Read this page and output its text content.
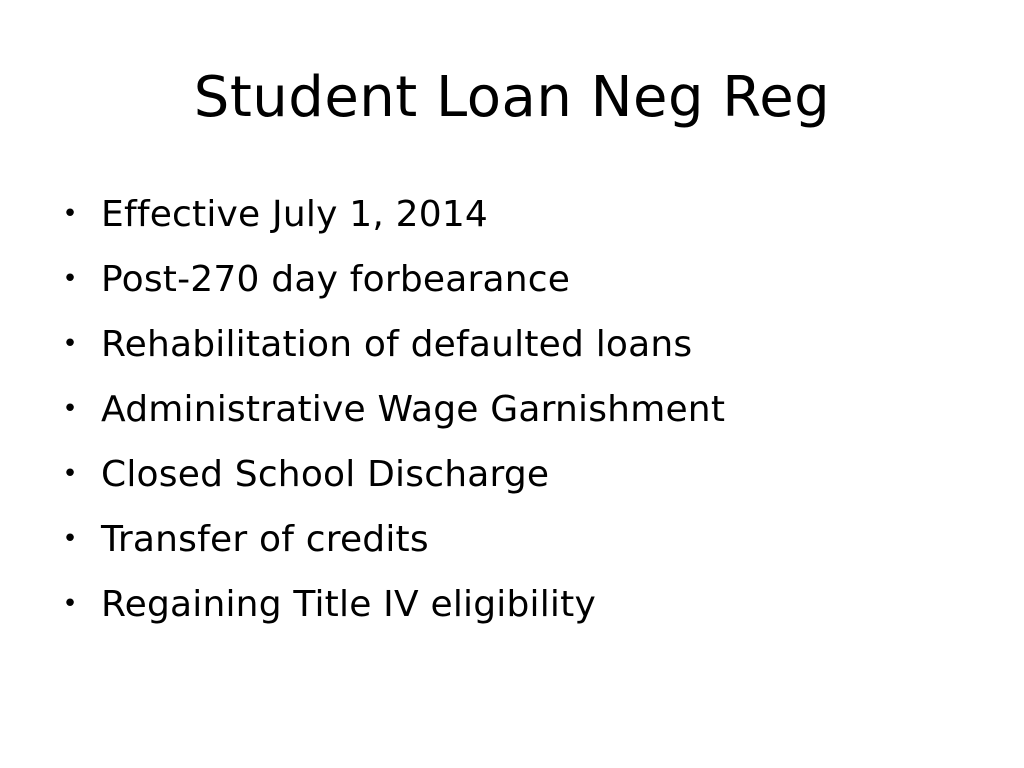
Student Loan Neg Reg
• Effective July 1, 2014
• Post-270 day forbearance
• Rehabilitation of defaulted loans
• Administrative Wage Garnishment
• Closed School Discharge
• Transfer of credits
• Regaining Title IV eligibility
